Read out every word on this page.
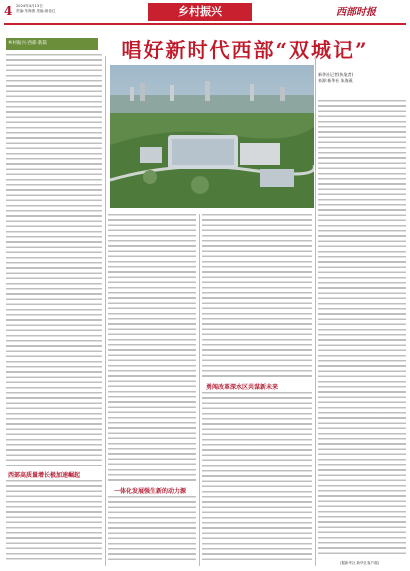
4 2024年4月13日
责编:朱海燕 美编:唐佳红	乡村振兴	西部时报
乡村振兴·西部·新篇	唱好新时代西部“双城记”
新华社记者(执笔者)
来源:新华社 朱海燕
西部高质量增长极加速崛起
一体化发展强生新的动力源
勇闯改革深水区共谋新未来
(据新华社 新华社客户端)
